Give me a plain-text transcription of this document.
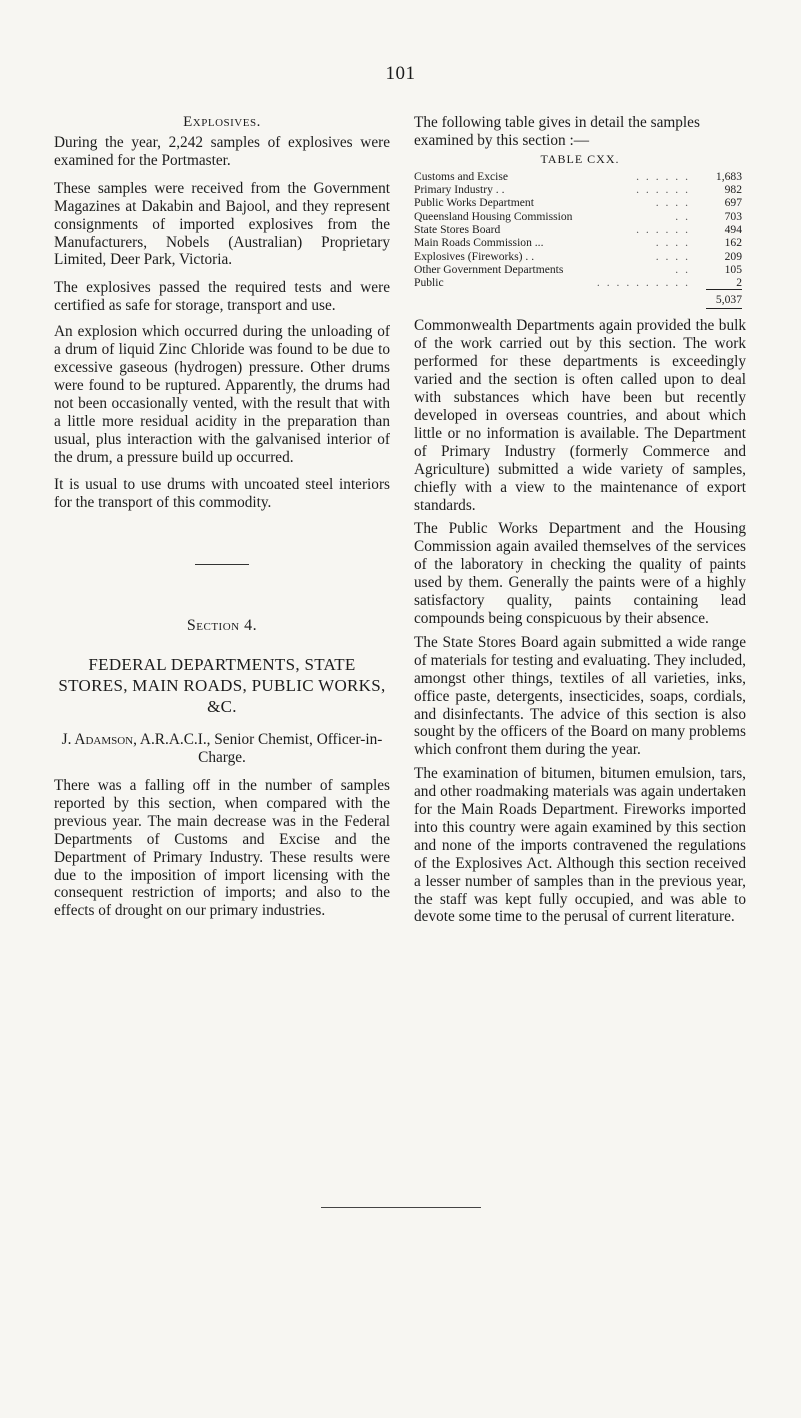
101
Explosives.

During the year, 2,242 samples of explosives were examined for the Portmaster.

These samples were received from the Government Magazines at Dakabin and Bajool, and they represent consignments of imported explosives from the Manufacturers, Nobels (Australian) Proprietary Limited, Deer Park, Victoria.

The explosives passed the required tests and were certified as safe for storage, transport and use.

An explosion which occurred during the unloading of a drum of liquid Zinc Chloride was found to be due to excessive gaseous (hydrogen) pressure. Other drums were found to be ruptured. Apparently, the drums had not been occasionally vented, with the result that with a little more residual acidity in the preparation than usual, plus interaction with the galvanised interior of the drum, a pressure build up occurred.

It is usual to use drums with uncoated steel interiors for the transport of this commodity.

Section 4.
FEDERAL DEPARTMENTS, STATE STORES, MAIN ROADS, PUBLIC WORKS, &C.

J. Adamson, A.R.A.C.I., Senior Chemist, Officer-in-Charge.

There was a falling off in the number of samples reported by this section, when compared with the previous year. The main decrease was in the Federal Departments of Customs and Excise and the Department of Primary Industry. These results were due to the imposition of import licensing with the consequent restriction of imports; and also to the effects of drought on our primary industries.

The following table gives in detail the samples examined by this section :—

TABLE CXX.
Customs and Excise	. . . . . .	1,683
Primary Industry . .	. . . . . .	982
Public Works Department	. . . .	697
Queensland Housing Commission	. .	703
State Stores Board	. . . . . .	494
Main Roads Commission ...	. . . .	162
Explosives (Fireworks) . .	. . . .	209
Other Government Departments	. .	105
Public	. . . . . . . . . .	2
5,037

Commonwealth Departments again provided the bulk of the work carried out by this section. The work performed for these departments is exceedingly varied and the section is often called upon to deal with substances which have been but recently developed in overseas countries, and about which little or no information is available. The Department of Primary Industry (formerly Commerce and Agriculture) submitted a wide variety of samples, chiefly with a view to the maintenance of export standards.

The Public Works Department and the Housing Commission again availed themselves of the services of the laboratory in checking the quality of paints used by them. Generally the paints were of a highly satisfactory quality, paints containing lead compounds being conspicuous by their absence.

The State Stores Board again submitted a wide range of materials for testing and evaluating. They included, amongst other things, textiles of all varieties, inks, office paste, detergents, insecticides, soaps, cordials, and disinfectants. The advice of this section is also sought by the officers of the Board on many problems which confront them during the year.

The examination of bitumen, bitumen emulsion, tars, and other roadmaking materials was again undertaken for the Main Roads Department. Fireworks imported into this country were again examined by this section and none of the imports contravened the regulations of the Explosives Act. Although this section received a lesser number of samples than in the previous year, the staff was kept fully occupied, and was able to devote some time to the perusal of current literature.
